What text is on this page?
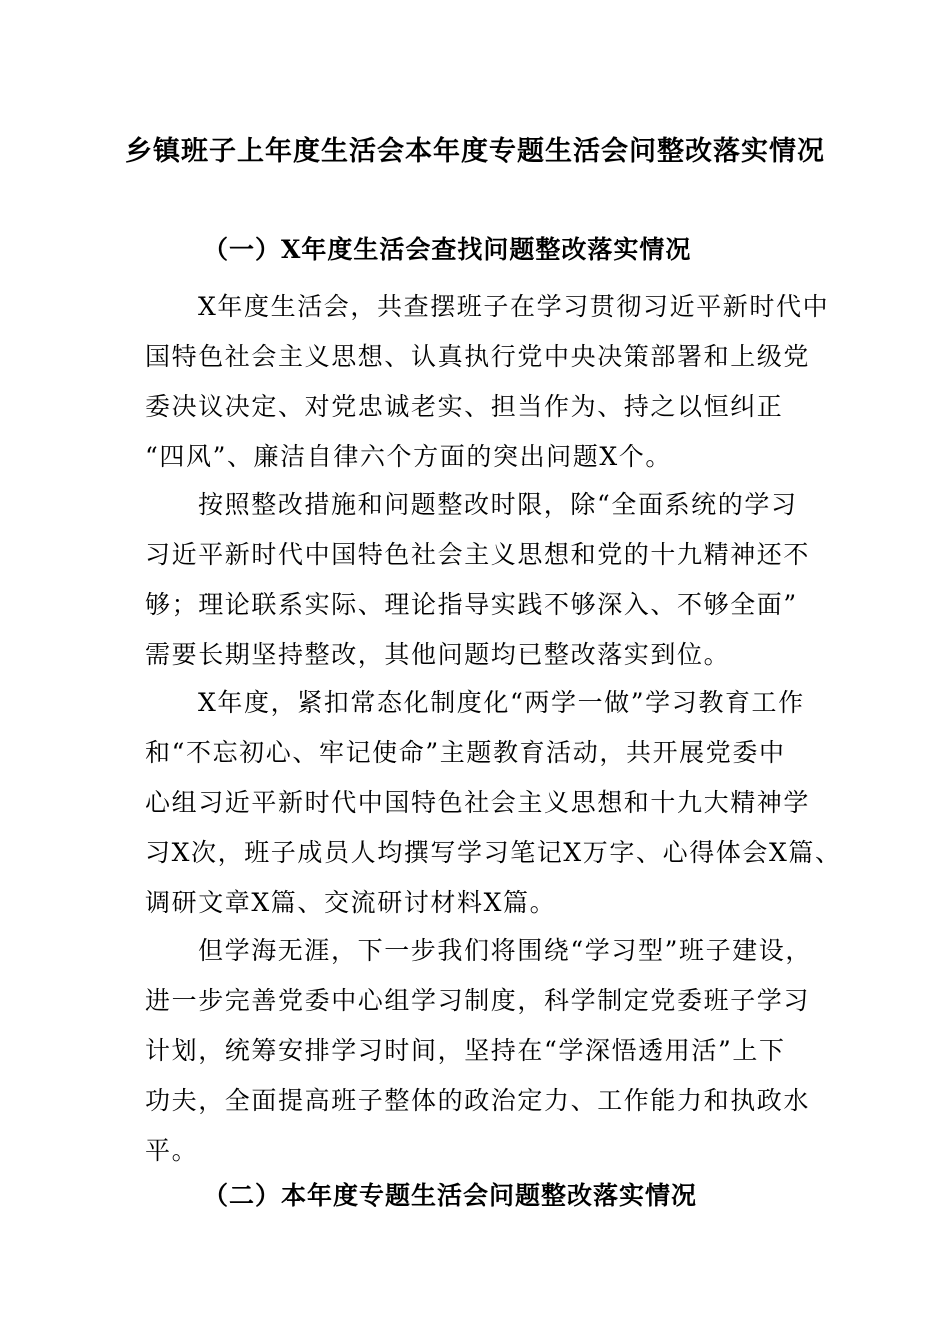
乡镇班子上年度生活会本年度专题生活会问整改落实情况
（一）X年度生活会查找问题整改落实情况
X年度生活会，共查摆班子在学习贯彻习近平新时代中
国特色社会主义思想、认真执行党中央决策部署和上级党
委决议决定、对党忠诚老实、担当作为、持之以恒纠正
“四风”、廉洁自律六个方面的突出问题X个。
按照整改措施和问题整改时限，除“全面系统的学习
习近平新时代中国特色社会主义思想和党的十九精神还不
够；理论联系实际、理论指导实践不够深入、不够全面”
需要长期坚持整改，其他问题均已整改落实到位。
X年度，紧扣常态化制度化“两学一做”学习教育工作
和“不忘初心、牢记使命”主题教育活动，共开展党委中
心组习近平新时代中国特色社会主义思想和十九大精神学
习X次，班子成员人均撰写学习笔记X万字、心得体会X篇、
调研文章X篇、交流研讨材料X篇。
但学海无涯，下一步我们将围绕“学习型”班子建设，
进一步完善党委中心组学习制度，科学制定党委班子学习
计划，统筹安排学习时间，坚持在“学深悟透用活”上下
功夫，全面提高班子整体的政治定力、工作能力和执政水
平。
（二）本年度专题生活会问题整改落实情况
